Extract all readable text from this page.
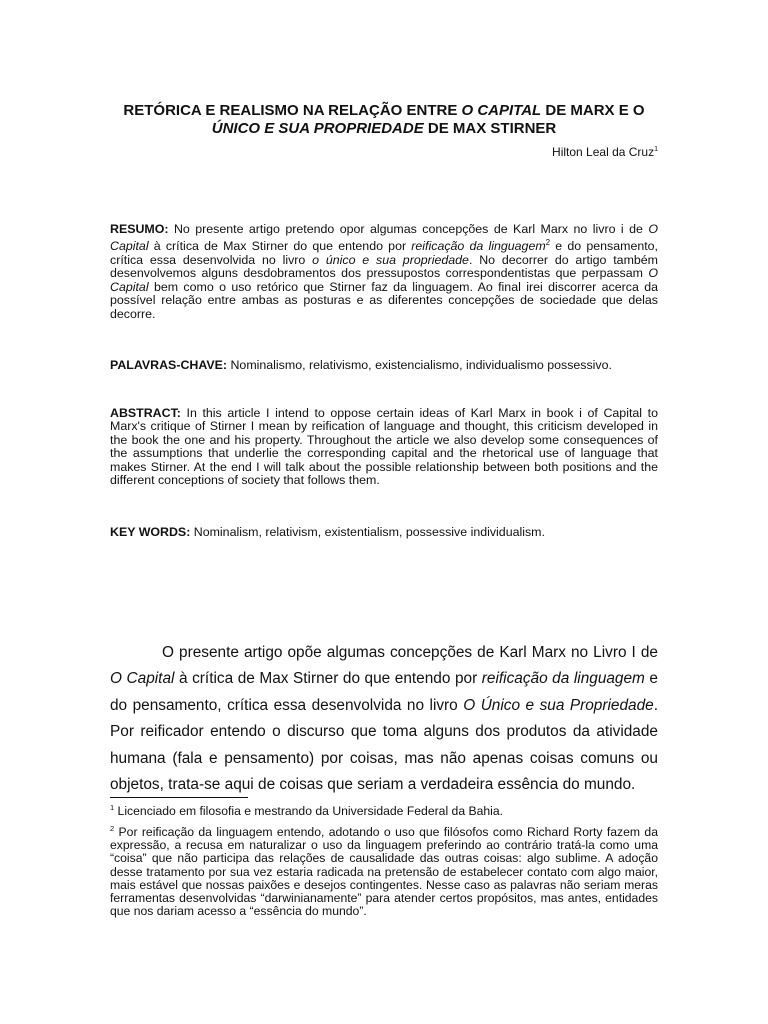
RETÓRICA E REALISMO NA RELAÇÃO ENTRE O CAPITAL DE MARX E O
ÚNICO E SUA PROPRIEDADE DE MAX STIRNER
Hilton Leal da Cruz$^1$
RESUMO: No presente artigo pretendo opor algumas concepções de Karl Marx no livro i de O Capital à crítica de Max Stirner do que entendo por reificação da linguagem$^2$ e do pensamento, crítica essa desenvolvida no livro o único e sua propriedade. No decorrer do artigo também desenvolvemos alguns desdobramentos dos pressupostos correspondentistas que perpassam O Capital bem como o uso retórico que Stirner faz da linguagem. Ao final irei discorrer acerca da possível relação entre ambas as posturas e as diferentes concepções de sociedade que delas decorre.
PALAVRAS-CHAVE: Nominalismo, relativismo, existencialismo, individualismo possessivo.
ABSTRACT: In this article I intend to oppose certain ideas of Karl Marx in book i of Capital to Marx's critique of Stirner I mean by reification of language and thought, this criticism developed in the book the one and his property. Throughout the article we also develop some consequences of the assumptions that underlie the corresponding capital and the rhetorical use of language that makes Stirner. At the end I will talk about the possible relationship between both positions and the different conceptions of society that follows them.
KEY WORDS: Nominalism, relativism, existentialism, possessive individualism.
O presente artigo opõe algumas concepções de Karl Marx no Livro I de O Capital à crítica de Max Stirner do que entendo por reificação da linguagem e do pensamento, crítica essa desenvolvida no livro O Único e sua Propriedade. Por reificador entendo o discurso que toma alguns dos produtos da atividade humana (fala e pensamento) por coisas, mas não apenas coisas comuns ou objetos, trata-se aqui de coisas que seriam a verdadeira essência do mundo.
$^1$ Licenciado em filosofia e mestrando da Universidade Federal da Bahia.
$^2$ Por reificação da linguagem entendo, adotando o uso que filósofos como Richard Rorty fazem da expressão, a recusa em naturalizar o uso da linguagem preferindo ao contrário tratá-la como uma “coisa” que não participa das relações de causalidade das outras coisas: algo sublime. A adoção desse tratamento por sua vez estaria radicada na pretensão de estabelecer contato com algo maior, mais estável que nossas paixões e desejos contingentes. Nesse caso as palavras não seriam meras ferramentas desenvolvidas “darwinianamente” para atender certos propósitos, mas antes, entidades que nos dariam acesso a “essência do mundo”.
